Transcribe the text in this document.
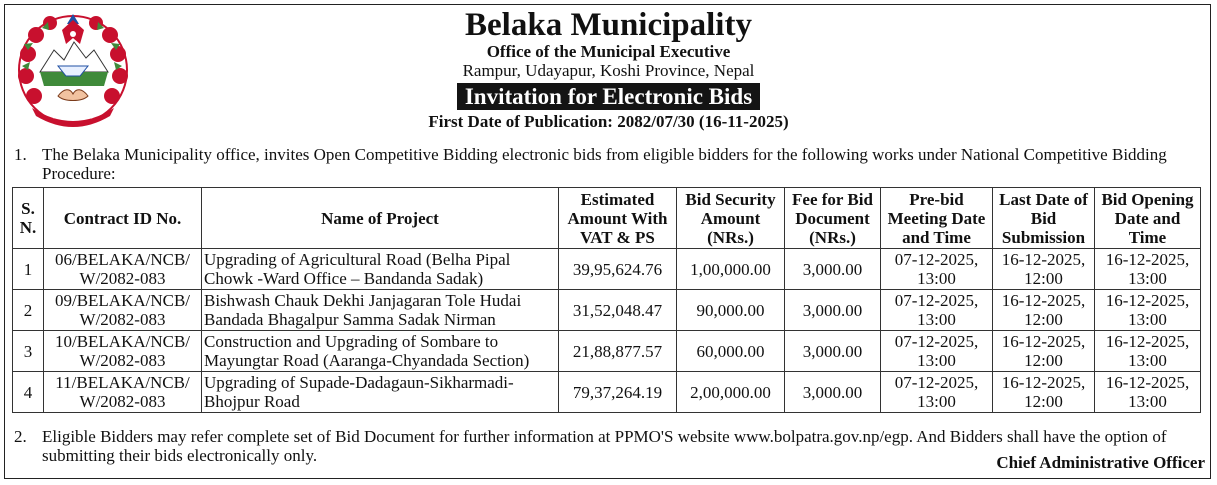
~~~~~~~~
Belaka Municipality
Office of the Municipal Executive
Rampur, Udayapur, Koshi Province, Nepal
Invitation for Electronic Bids
First Date of Publication: 2082/07/30 (16-11-2025)
1. The Belaka Municipality office, invites Open Competitive Bidding electronic bids from eligible bidders for the following works under National Competitive Bidding Procedure:
S. N.	Contract ID No.	Name of Project	Estimated Amount With VAT & PS	Bid Security Amount (NRs.)	Fee for Bid Document (NRs.)	Pre-bid Meeting Date and Time	Last Date of Bid Submission	Bid Opening Date and Time
1	06/BELAKA/NCB/ W/2082-083	Upgrading of Agricultural Road (Belha Pipal Chowk -Ward Office – Bandanda Sadak)	39,95,624.76	1,00,000.00	3,000.00	07-12-2025, 13:00	16-12-2025, 12:00	16-12-2025, 13:00
2	09/BELAKA/NCB/ W/2082-083	Bishwash Chauk Dekhi Janjagaran Tole Hudai Bandada Bhagalpur Samma Sadak Nirman	31,52,048.47	90,000.00	3,000.00	07-12-2025, 13:00	16-12-2025, 12:00	16-12-2025, 13:00
3	10/BELAKA/NCB/ W/2082-083	Construction and Upgrading of Sombare to Mayungtar Road (Aaranga-Chyandada Section)	21,88,877.57	60,000.00	3,000.00	07-12-2025, 13:00	16-12-2025, 12:00	16-12-2025, 13:00
4	11/BELAKA/NCB/ W/2082-083	Upgrading of Supade-Dadagaun-Sikharmadi-Bhojpur Road	79,37,264.19	2,00,000.00	3,000.00	07-12-2025, 13:00	16-12-2025, 12:00	16-12-2025, 13:00
2. Eligible Bidders may refer complete set of Bid Document for further information at PPMO'S website www.bolpatra.gov.np/egp. And Bidders shall have the option of submitting their bids electronically only.	Chief Administrative Officer
